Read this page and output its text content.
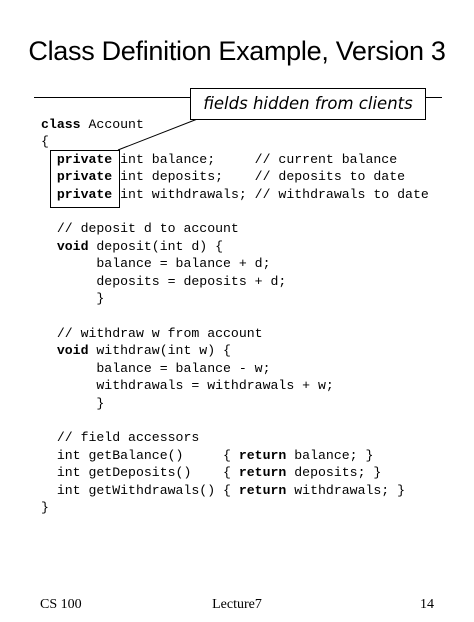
Class Definition Example, Version 3
fields hidden from clients
class Account
{
private int balance;     // current balance
private int deposits;    // deposits to date
private int withdrawals; // withdrawals to date

// deposit d to account
void deposit(int d) {
balance = balance + d;
deposits = deposits + d;
}

// withdraw w from account
void withdraw(int w) {
balance = balance - w;
withdrawals = withdrawals + w;
}

// field accessors
int getBalance()     { return balance; }
int getDeposits()    { return deposits; }
int getWithdrawals() { return withdrawals; }
}
CS 100	Lecture7	14
